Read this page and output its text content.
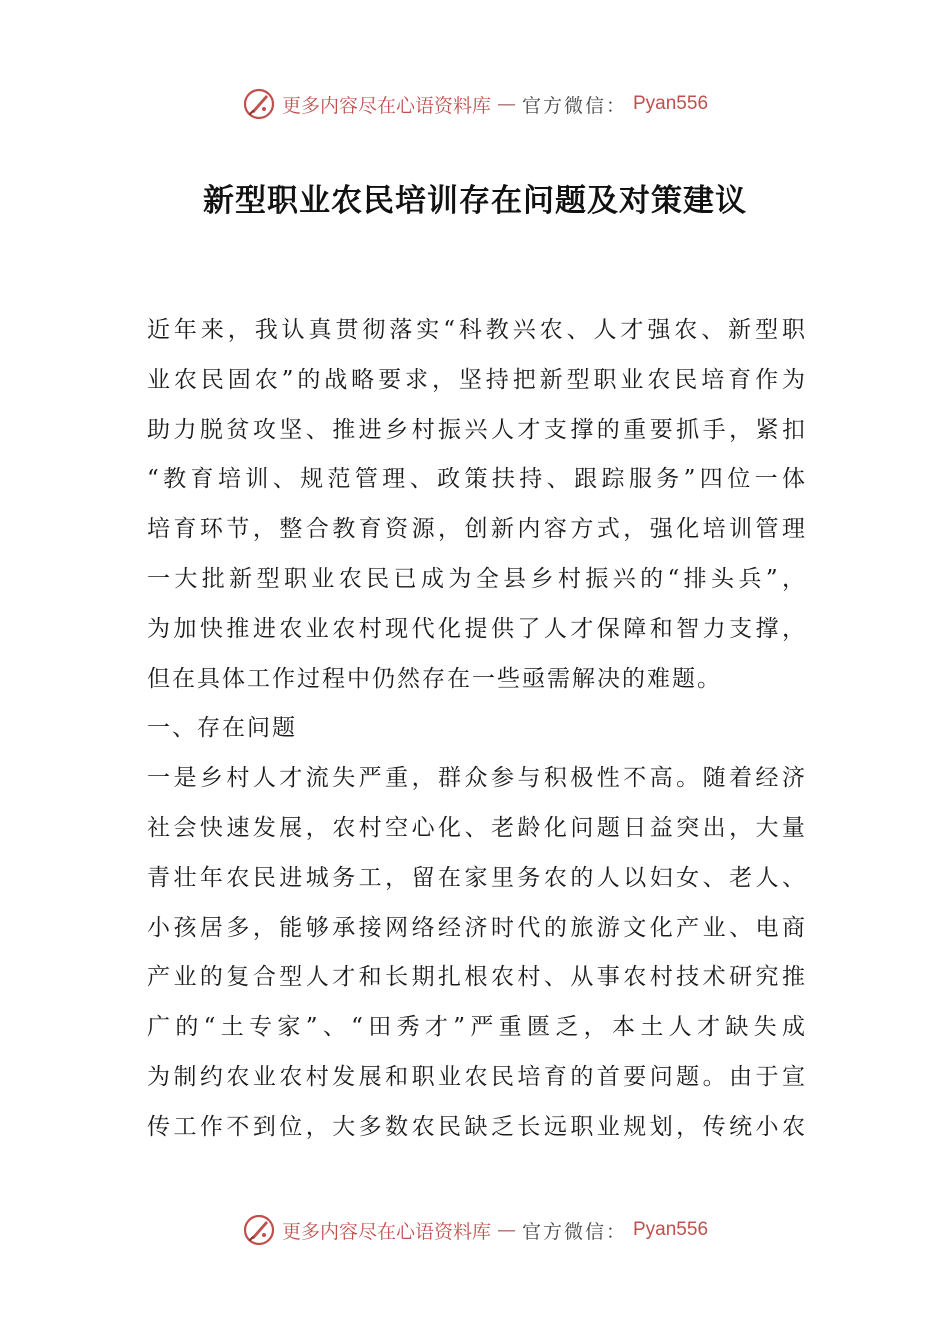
更多内容尽在心语资料库 — 官方微信： Pyan556
新型职业农民培训存在问题及对策建议
近年来，我认真贯彻落实“科教兴农、人才强农、新型职
业农民固农”的战略要求，坚持把新型职业农民培育作为
助力脱贫攻坚、推进乡村振兴人才支撑的重要抓手，紧扣
“教育培训、规范管理、政策扶持、跟踪服务”四位一体
培育环节，整合教育资源，创新内容方式，强化培训管理
一大批新型职业农民已成为全县乡村振兴的“排头兵”，
为加快推进农业农村现代化提供了人才保障和智力支撑，
但在具体工作过程中仍然存在一些亟需解决的难题。
一、存在问题
一是乡村人才流失严重，群众参与积极性不高。随着经济
社会快速发展，农村空心化、老龄化问题日益突出，大量
青壮年农民进城务工，留在家里务农的人以妇女、老人、
小孩居多，能够承接网络经济时代的旅游文化产业、电商
产业的复合型人才和长期扎根农村、从事农村技术研究推
广的“土专家”、“田秀才”严重匮乏，本土人才缺失成
为制约农业农村发展和职业农民培育的首要问题。由于宣
传工作不到位，大多数农民缺乏长远职业规划，传统小农
更多内容尽在心语资料库 — 官方微信： Pyan556
